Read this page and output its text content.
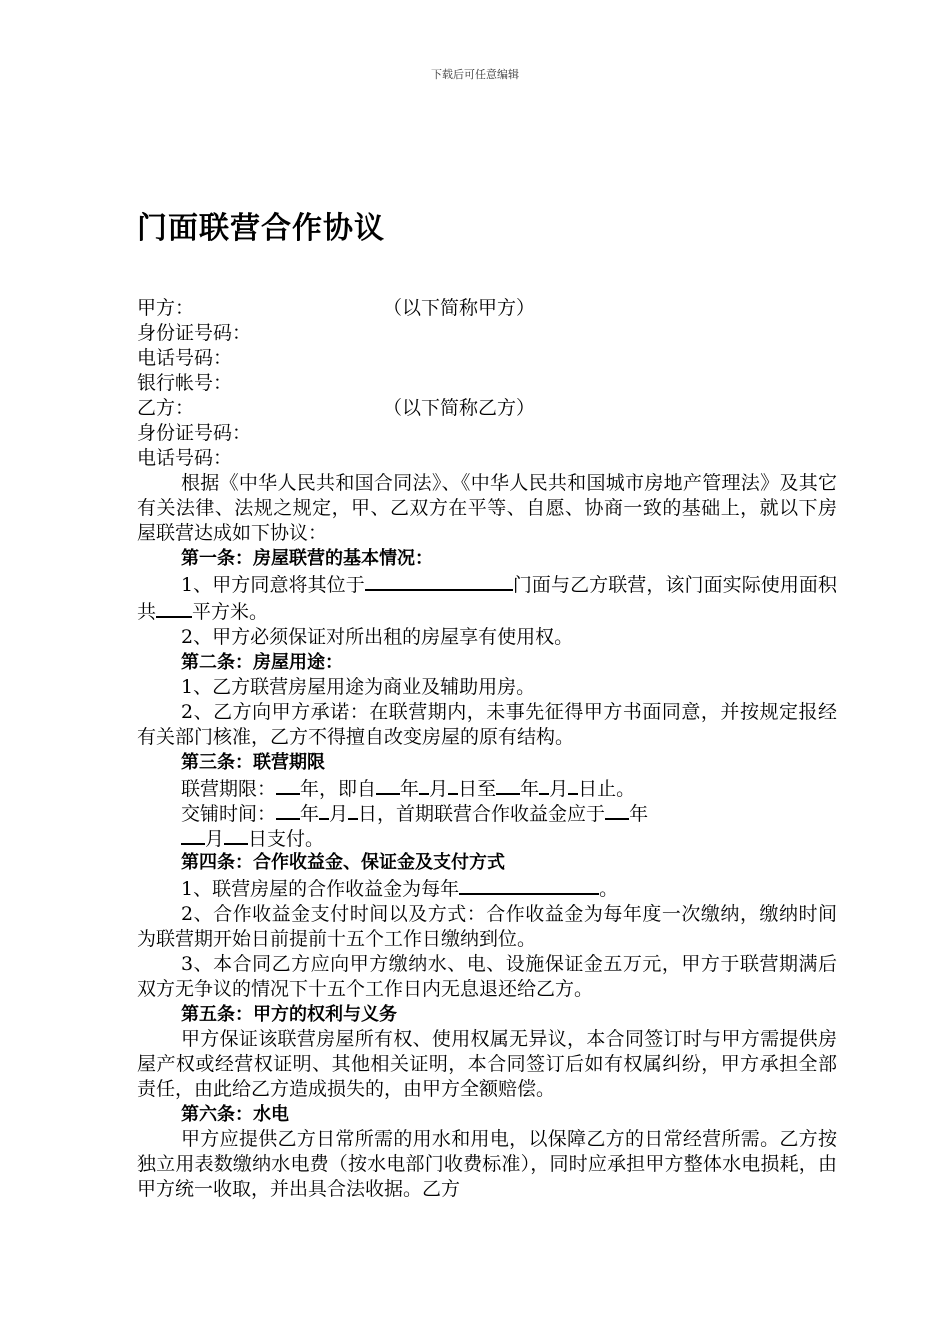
下载后可任意编辑
门面联营合作协议
甲方：	（以下简称甲方）
身份证号码：
电话号码：
银行帐号：
乙方：	（以下简称乙方）
身份证号码：
电话号码：

根据《中华人民共和国合同法》、《中华人民共和国城市房地产管理法》及其它有关法律、法规之规定，甲、乙双方在平等、自愿、协商一致的基础上，就以下房屋联营达成如下协议：

第一条：房屋联营的基本情况：

1、甲方同意将其位于	门面与乙方联营，该门面实际使用面积共 平方米。

2、甲方必须保证对所出租的房屋享有使用权。

第二条：房屋用途：

1、乙方联营房屋用途为商业及辅助用房。

2、乙方向甲方承诺：在联营期内，未事先征得甲方书面同意，并按规定报经有关部门核准，乙方不得擅自改变房屋的原有结构。

第三条：联营期限
联营期限： 年，即自 年 月 日至 年 月 日止。
交铺时间： 年 月 日，首期联营合作收益金应于 年
月 日支付。
第四条：合作收益金、保证金及支付方式

1、联营房屋的合作收益金为每年	。

2、合作收益金支付时间以及方式：合作收益金为每年度一次缴纳，缴纳时间为联营期开始日前提前十五个工作日缴纳到位。

3、本合同乙方应向甲方缴纳水、电、设施保证金五万元，甲方于联营期满后双方无争议的情况下十五个工作日内无息退还给乙方。

第五条：甲方的权利与义务

甲方保证该联营房屋所有权、使用权属无异议，本合同签订时与甲方需提供房屋产权或经营权证明、其他相关证明，本合同签订后如有权属纠纷，甲方承担全部责任，由此给乙方造成损失的，由甲方全额赔偿。

第六条：水电

甲方应提供乙方日常所需的用水和用电，以保障乙方的日常经营所需。乙方按独立用表数缴纳水电费（按水电部门收费标准），同时应承担甲方整体水电损耗，由甲方统一收取，并出具合法收据。乙方
